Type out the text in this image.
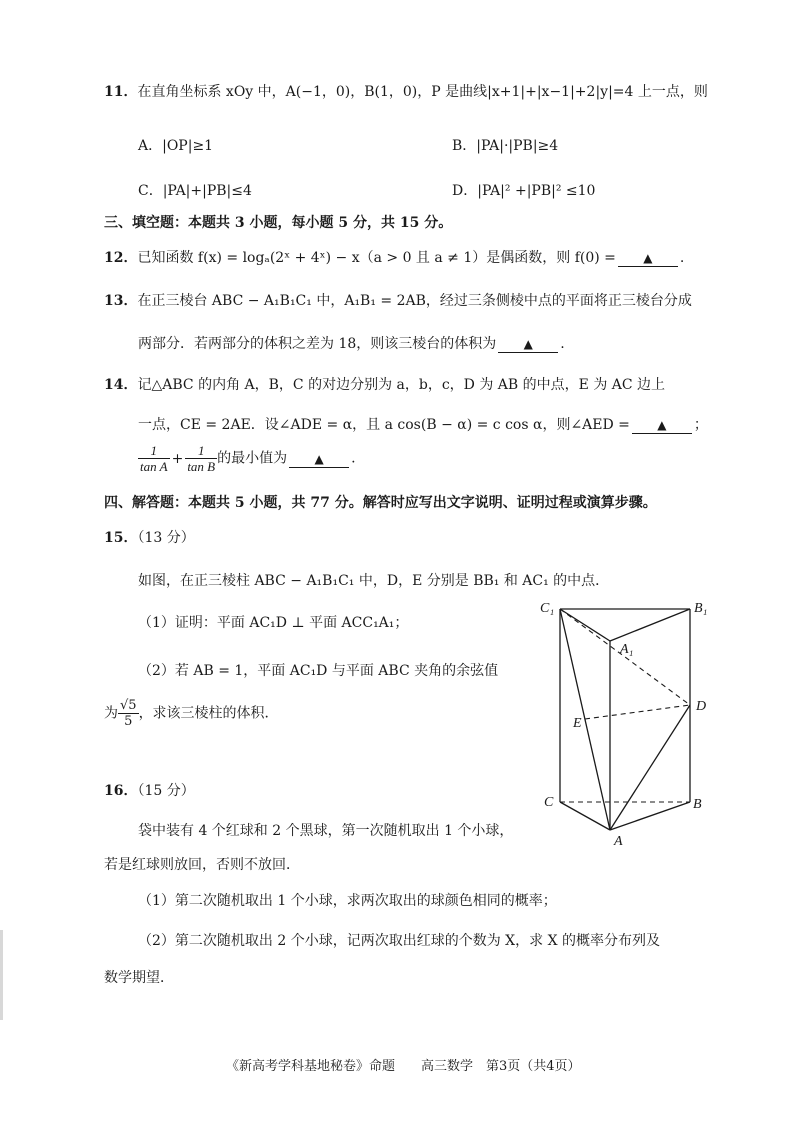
11．在直角坐标系 xOy 中，A(−1，0)，B(1，0)，P 是曲线|x+1|+|x−1|+2|y|=4 上一点，则
A．|OP|≥1	B．|PA|·|PB|≥4
C．|PA|+|PB|≤4	D．|PA|² +|PB|² ≤10
三、填空题：本题共 3 小题，每小题 5 分，共 15 分。
12．已知函数 f(x) = logₐ(2ˣ + 4ˣ) − x（a > 0 且 a ≠ 1）是偶函数，则 f(0) = ▲ .
13．在正三棱台 ABC − A₁B₁C₁ 中，A₁B₁ = 2AB，经过三条侧棱中点的平面将正三棱台分成
两部分．若两部分的体积之差为 18，则该三棱台的体积为 ▲ .
14．记△ABC 的内角 A，B，C 的对边分别为 a，b，c，D 为 AB 的中点，E 为 AC 边上
一点，CE = 2AE．设∠ADE = α，且 a cos(B − α) = c cos α，则∠AED = ▲ ；
$\frac{1}{\text{tan A}} + \frac{1}{\text{tan B}}$ 的最小值为 ▲ .
四、解答题：本题共 5 小题，共 77 分。解答时应写出文字说明、证明过程或演算步骤。
15．（13 分）
如图，在正三棱柱 ABC − A₁B₁C₁ 中，D，E 分别是 BB₁ 和 AC₁ 的中点．
（1）证明：平面 AC₁D ⊥ 平面 ACC₁A₁；
（2）若 AB = 1，平面 AC₁D 与平面 ABC 夹角的余弦值
为 $\frac{√5}{5}$ ，求该三棱柱的体积．
C₁	B₁
A₁
D
E
C	B
A
16．（15 分）
袋中装有 4 个红球和 2 个黑球，第一次随机取出 1 个小球，
若是红球则放回，否则不放回．
（1）第二次随机取出 1 个小球，求两次取出的球颜色相同的概率；
（2）第二次随机取出 2 个小球，记两次取出红球的个数为 X，求 X 的概率分布列及
数学期望．
《新高考学科基地秘卷》命题　　高三数学　第3页（共4页）
